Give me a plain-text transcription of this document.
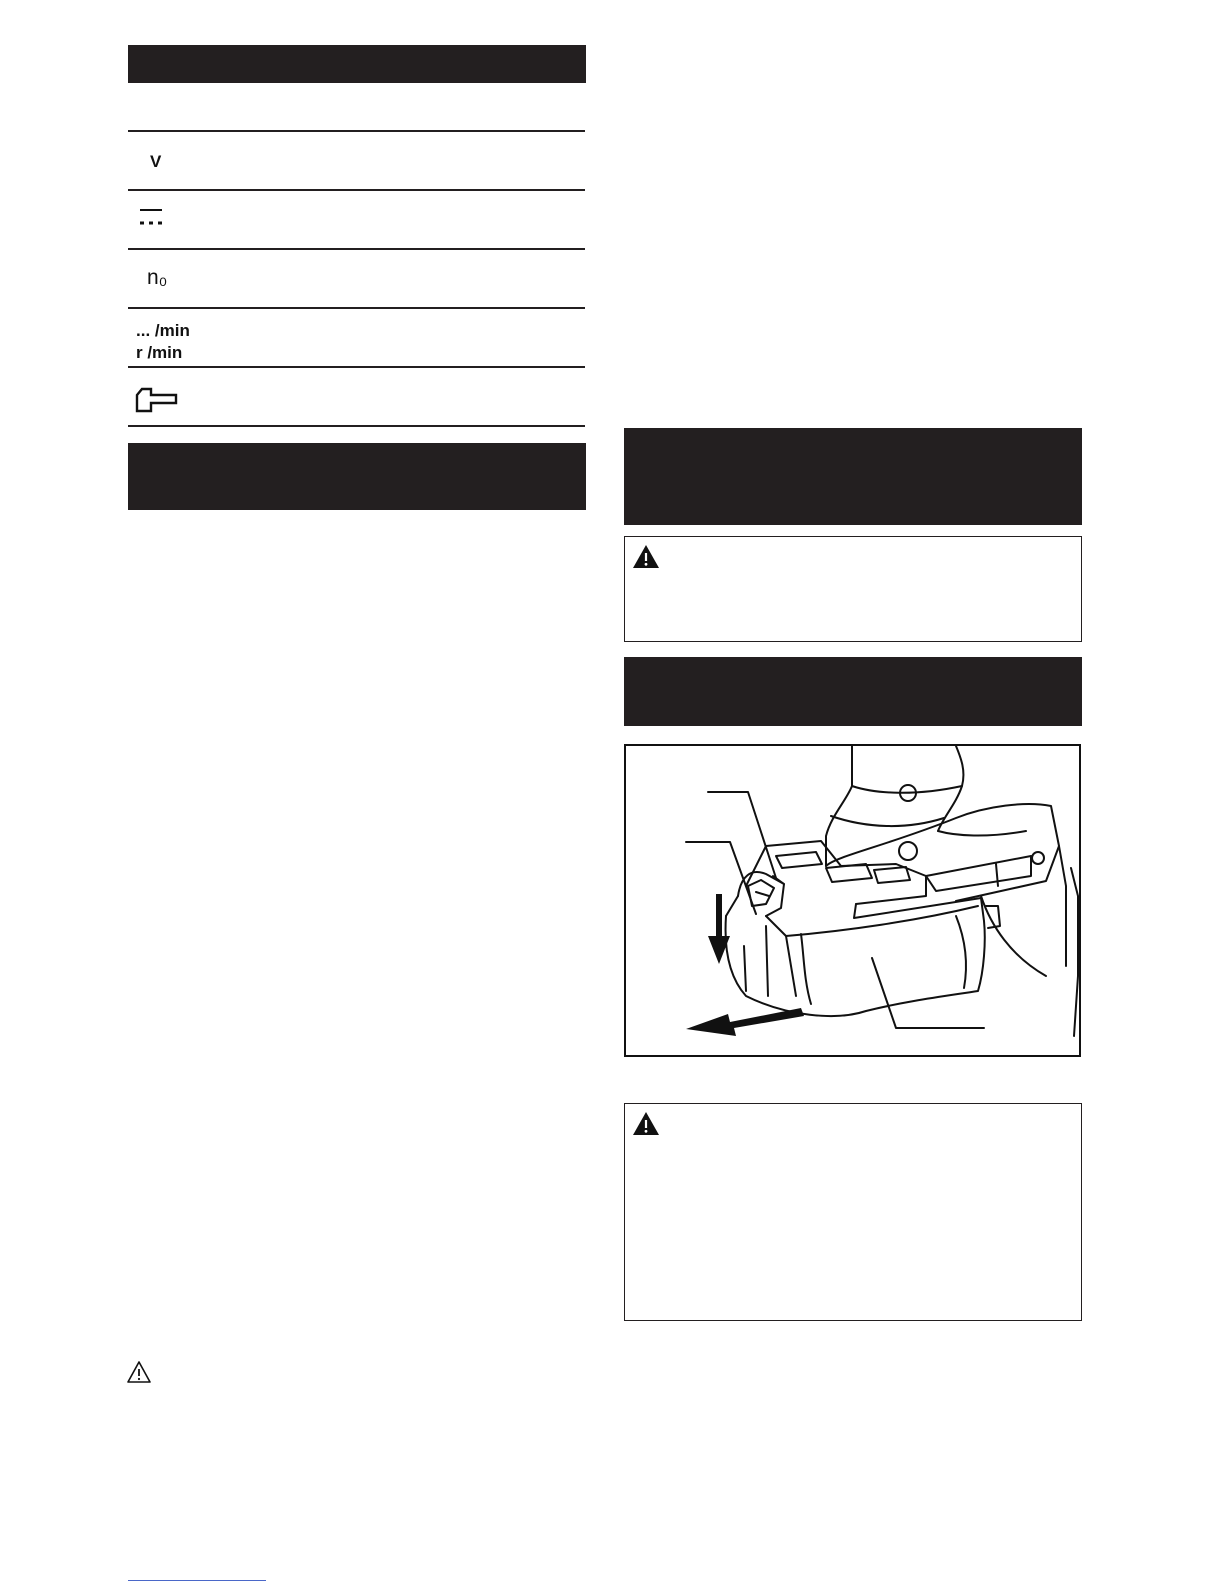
V
n₀
... /min
r /min
